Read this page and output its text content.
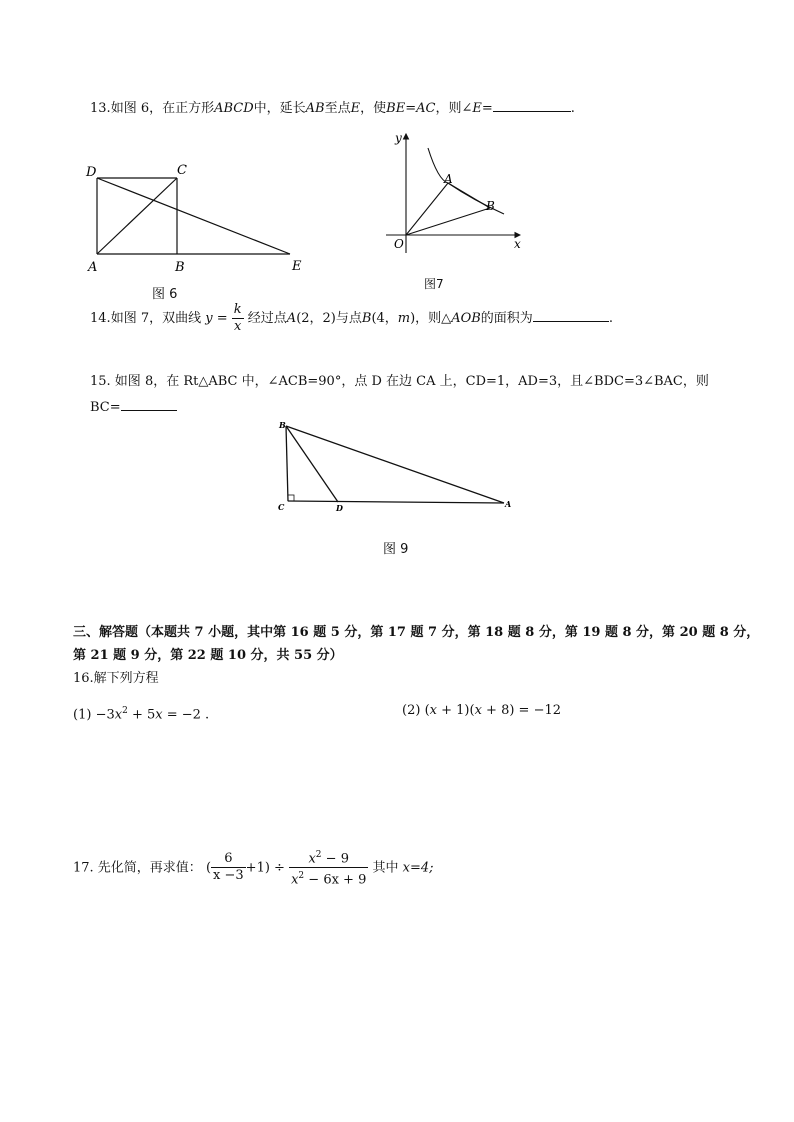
13.如图 6，在正方形ABCD中，延长AB至点E，使BE=AC，则∠E=	.
D	C
A	B	E
图 6
y
x
O
A
B
图7
14.如图 7，双曲线 $y = \frac{k}{x}$ 经过点A(2，2)与点B(4，m)，则△AOB的面积为	.
15. 如图 8，在 Rt△ABC 中，∠ACB=90°，点 D 在边 CA 上，CD=1，AD=3，且∠BDC=3∠BAC，则
BC=
B
C	D	A
图 9
三、解答题（本题共 7 小题，其中第 16 题 5 分，第 17 题 7 分，第 18 题 8 分，第 19 题 8 分，第 20 题 8 分，
第 21 题 9 分，第 22 题 10 分，共 55 分）
16.解下列方程
$(1) -3x^2 + 5x = -2$ .	(2) (x + 1)(x + 8) = −12
17. 先化简，再求值： ( $\frac{6}{x -3} +1) \div \frac{x^2 - 9}{x^2 - 6x + 9}$ 其中 x=4;
